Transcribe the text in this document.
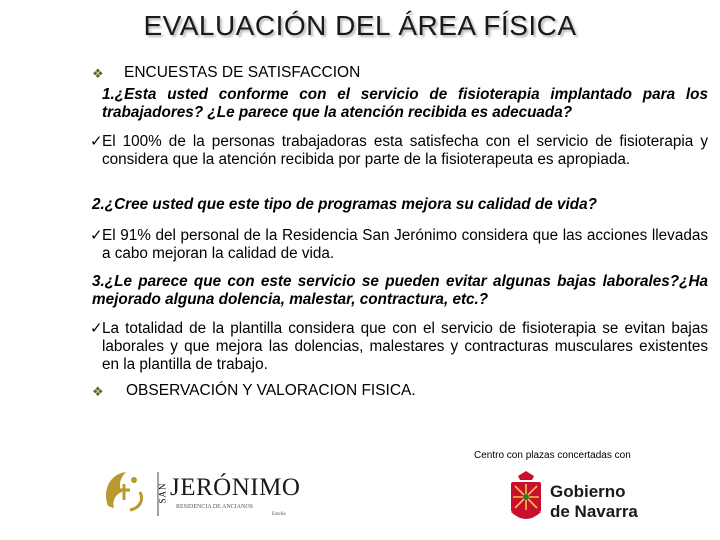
EVALUACIÓN DEL ÁREA FÍSICA
❖ ENCUESTAS DE SATISFACCION
1.¿Esta usted conforme con el servicio de fisioterapia implantado para los trabajadores? ¿Le parece que la atención recibida es adecuada?
✓ El 100% de la personas trabajadoras esta satisfecha con el servicio de fisioterapia y considera que la atención recibida por parte de la fisioterapeuta es apropiada.
2.¿Cree usted que este tipo de programas mejora su calidad de vida?
✓ El 91% del personal de la Residencia San Jerónimo considera que las acciones llevadas a cabo mejoran la calidad de vida.
3.¿Le parece que con este servicio se pueden evitar algunas bajas laborales?¿Ha mejorado alguna dolencia, malestar, contractura, etc.?
✓ La totalidad de la plantilla considera que con el servicio de fisioterapia se evitan bajas laborales y que mejora las dolencias, malestares y contracturas musculares existentes en la plantilla de trabajo.
❖ OBSERVACIÓN Y VALORACION FISICA.
Centro con plazas concertadas con
SAN JERÓNIMO
RESIDENCIA DE ANCIANOS
Estella
Gobierno
de Navarra
